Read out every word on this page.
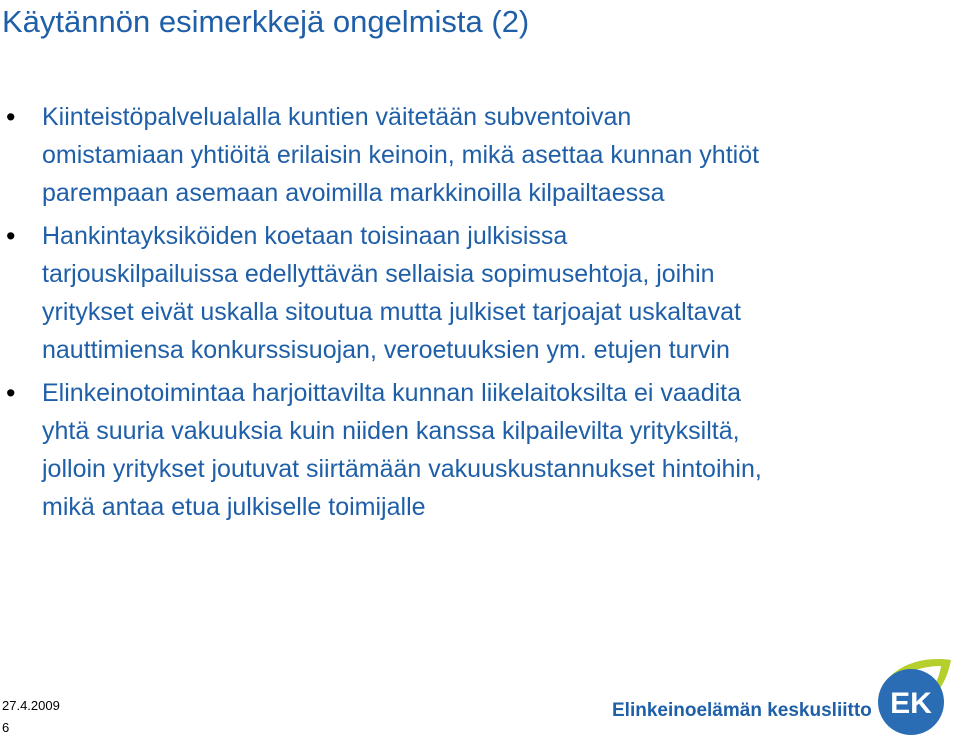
Käytännön esimerkkejä ongelmista (2)
• Kiinteistöpalvelualalla kuntien väitetään subventoivan
omistamiaan yhtiöitä erilaisin keinoin, mikä asettaa kunnan yhtiöt
parempaan asemaan avoimilla markkinoilla kilpailtaessa
• Hankintayksiköiden koetaan toisinaan julkisissa
tarjouskilpailuissa edellyttävän sellaisia sopimusehtoja, joihin
yritykset eivät uskalla sitoutua mutta julkiset tarjoajat uskaltavat
nauttimiensa konkurssisuojan, veroetuuksien ym. etujen turvin
• Elinkeinotoimintaa harjoittavilta kunnan liikelaitoksilta ei vaadita
yhtä suuria vakuuksia kuin niiden kanssa kilpailevilta yrityksiltä,
jolloin yritykset joutuvat siirtämään vakuuskustannukset hintoihin,
mikä antaa etua julkiselle toimijalle
27.4.2009
6
Elinkeinoelämän keskusliitto EK
